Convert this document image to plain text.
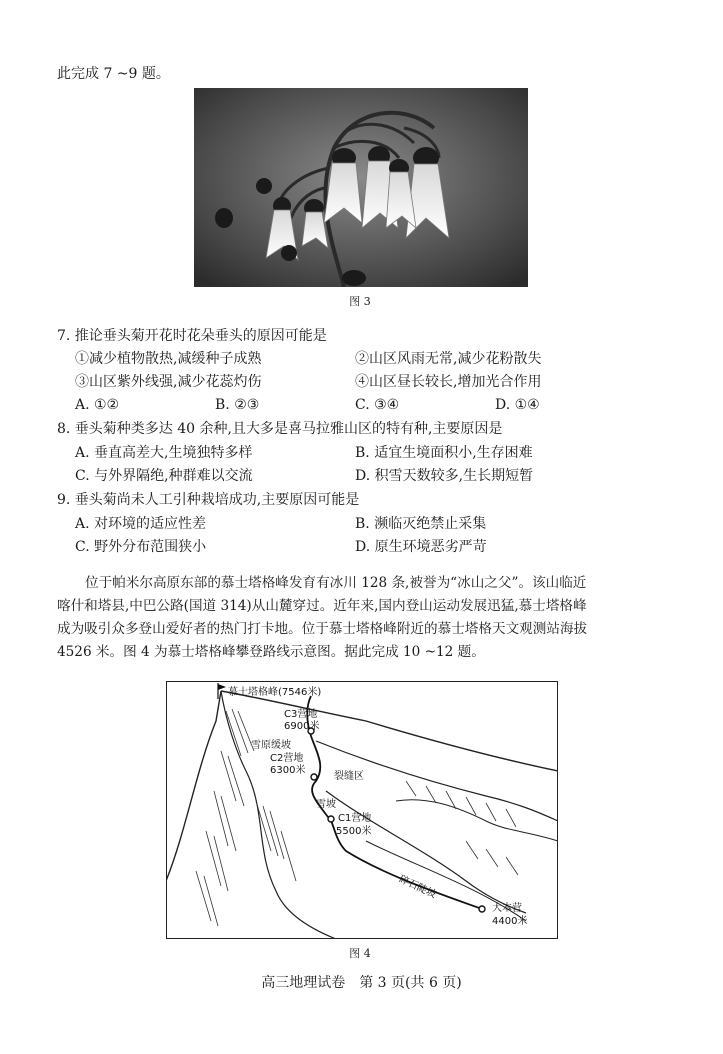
此完成 7 ~9 题。
图 3
7. 推论垂头菊开花时花朵垂头的原因可能是
①减少植物散热,减缓种子成熟	②山区风雨无常,减少花粉散失
③山区紫外线强,减少花蕊灼伤	④山区昼长较长,增加光合作用
A. ①②	B. ②③	C. ③④	D. ①④
8. 垂头菊种类多达 40 余种,且大多是喜马拉雅山区的特有种,主要原因是
A. 垂直高差大,生境独特多样	B. 适宜生境面积小,生存困难
C. 与外界隔绝,种群难以交流	D. 积雪天数较多,生长期短暂
9. 垂头菊尚未人工引种栽培成功,主要原因可能是
A. 对环境的适应性差	B. 濒临灭绝禁止采集
C. 野外分布范围狭小	D. 原生环境恶劣严苛
位于帕米尔高原东部的慕士塔格峰发育有冰川 128 条,被誉为“冰山之父”。该山临近
喀什和塔县,中巴公路(国道 314)从山麓穿过。近年来,国内登山运动发展迅猛,慕士塔格峰
成为吸引众多登山爱好者的热门打卡地。位于慕士塔格峰附近的慕士塔格天文观测站海拔
4526 米。图 4 为慕士塔格峰攀登路线示意图。据此完成 10 ~12 题。
慕士塔格峰(7546米)
C3营地
6900米
雪原缓坡
C2营地
6300米
裂缝区
雪坡
C1营地
5500米
碎石陡坡
大本营
4400米
图 4
高三地理试卷　第 3 页(共 6 页)
